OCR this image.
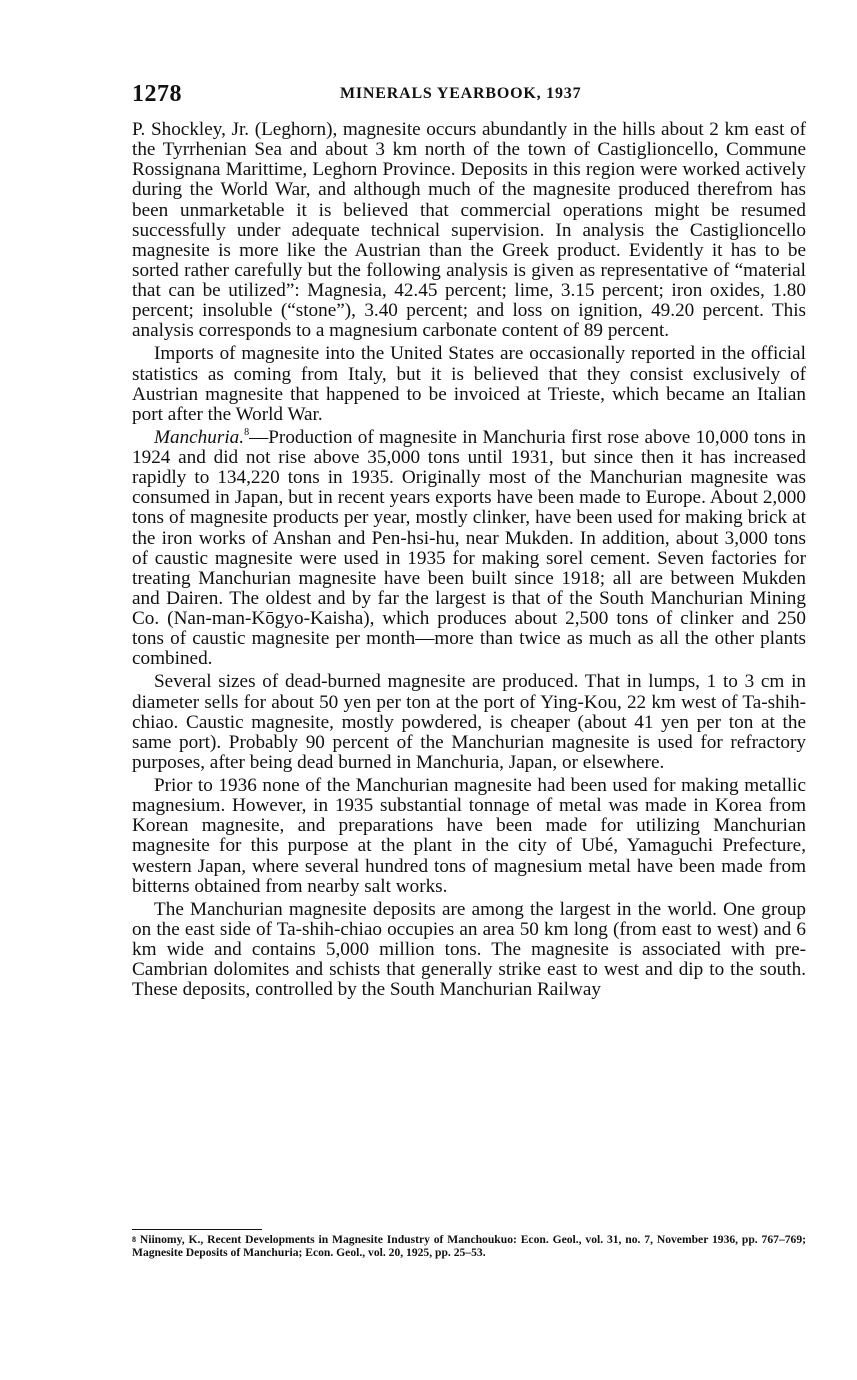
1278	MINERALS YEARBOOK, 1937

P. Shockley, Jr. (Leghorn), magnesite occurs abundantly in the hills about 2 km east of the Tyrrhenian Sea and about 3 km north of the town of Castiglioncello, Commune Rossignana Marittime, Leghorn Province. Deposits in this region were worked actively during the World War, and although much of the magnesite produced therefrom has been unmarketable it is believed that commercial operations might be resumed successfully under adequate technical supervision. In analysis the Castiglioncello magnesite is more like the Austrian than the Greek product. Evidently it has to be sorted rather carefully but the following analysis is given as representative of “material that can be utilized”: Magnesia, 42.45 percent; lime, 3.15 percent; iron oxides, 1.80 percent; insoluble (“stone”), 3.40 percent; and loss on ignition, 49.20 percent. This analysis corresponds to a magnesium carbonate content of 89 percent.

Imports of magnesite into the United States are occasionally reported in the official statistics as coming from Italy, but it is believed that they consist exclusively of Austrian magnesite that happened to be invoiced at Trieste, which became an Italian port after the World War.

Manchuria.$^8$—Production of magnesite in Manchuria first rose above 10,000 tons in 1924 and did not rise above 35,000 tons until 1931, but since then it has increased rapidly to 134,220 tons in 1935. Originally most of the Manchurian magnesite was consumed in Japan, but in recent years exports have been made to Europe. About 2,000 tons of magnesite products per year, mostly clinker, have been used for making brick at the iron works of Anshan and Pen-hsi-hu, near Mukden. In addition, about 3,000 tons of caustic magnesite were used in 1935 for making sorel cement. Seven factories for treating Manchurian magnesite have been built since 1918; all are between Mukden and Dairen. The oldest and by far the largest is that of the South Manchurian Mining Co. (Nan-man-Kōgyo-Kaisha), which produces about 2,500 tons of clinker and 250 tons of caustic magnesite per month—more than twice as much as all the other plants combined.

Several sizes of dead-burned magnesite are produced. That in lumps, 1 to 3 cm in diameter sells for about 50 yen per ton at the port of Ying-Kou, 22 km west of Ta-shih-chiao. Caustic magnesite, mostly powdered, is cheaper (about 41 yen per ton at the same port). Probably 90 percent of the Manchurian magnesite is used for refractory purposes, after being dead burned in Manchuria, Japan, or elsewhere.

Prior to 1936 none of the Manchurian magnesite had been used for making metallic magnesium. However, in 1935 substantial tonnage of metal was made in Korea from Korean magnesite, and preparations have been made for utilizing Manchurian magnesite for this purpose at the plant in the city of Ubé, Yamaguchi Prefecture, western Japan, where several hundred tons of magnesium metal have been made from bitterns obtained from nearby salt works.

The Manchurian magnesite deposits are among the largest in the world. One group on the east side of Ta-shih-chiao occupies an area 50 km long (from east to west) and 6 km wide and contains 5,000 million tons. The magnesite is associated with pre-Cambrian dolomites and schists that generally strike east to west and dip to the south. These deposits, controlled by the South Manchurian Railway

$^8$ Niinomy, K., Recent Developments in Magnesite Industry of Manchoukuo: Econ. Geol., vol. 31, no. 7, November 1936, pp. 767–769; Magnesite Deposits of Manchuria; Econ. Geol., vol. 20, 1925, pp. 25–53.
